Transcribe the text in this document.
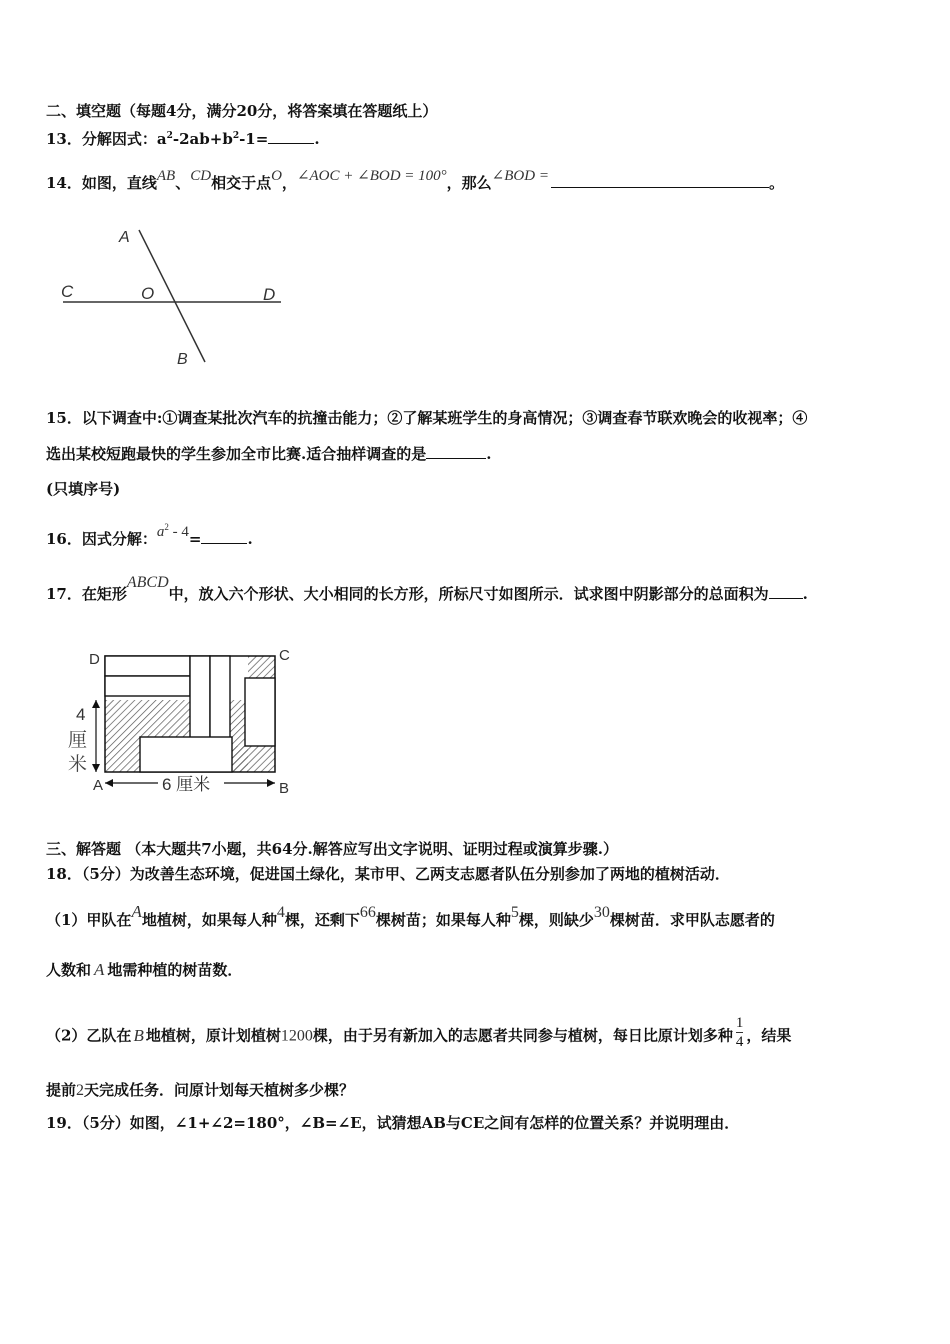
二、填空题（每题4分，满分20分，将答案填在答题纸上）
13．分解因式：$a^2-2ab+b^2-1=$	.
14．如图，直线AB、CD相交于点O，∠AOC + ∠BOD = 100°，那么∠BOD =	。
A
C	O	D
B
15．以下调查中:①调查某批次汽车的抗撞击能力；②了解某班学生的身高情况；③调查春节联欢晚会的收视率；④
选出某校短跑最快的学生参加全市比赛.适合抽样调查的是	.
(只填序号)
16．因式分解：$a^2 - 4=$	.
17．在矩形ABCD中，放入六个形状、大小相同的长方形，所标尺寸如图所示．试求图中阴影部分的总面积为 .
4
厘
米
6 厘米
D	C
A	B
三、解答题 （本大题共7小题，共64分.解答应写出文字说明、证明过程或演算步骤.）
18．（5分）为改善生态环境，促进国土绿化，某市甲、乙两支志愿者队伍分别参加了两地的植树活动．
（1）甲队在A地植树，如果每人种4棵，还剩下66棵树苗；如果每人种5棵，则缺少30棵树苗．求甲队志愿者的
人数和 A 地需种植的树苗数．
（2）乙队在 B 地植树，原计划植树1200棵，由于另有新加入的志愿者共同参与植树，每日比原计划多种 $\frac{1}{4}$ ，结果
提前2天完成任务．问原计划每天植树多少棵？
19．（5分）如图，∠1+∠2=180°，∠B=∠E，试猜想AB与CE之间有怎样的位置关系？并说明理由．
